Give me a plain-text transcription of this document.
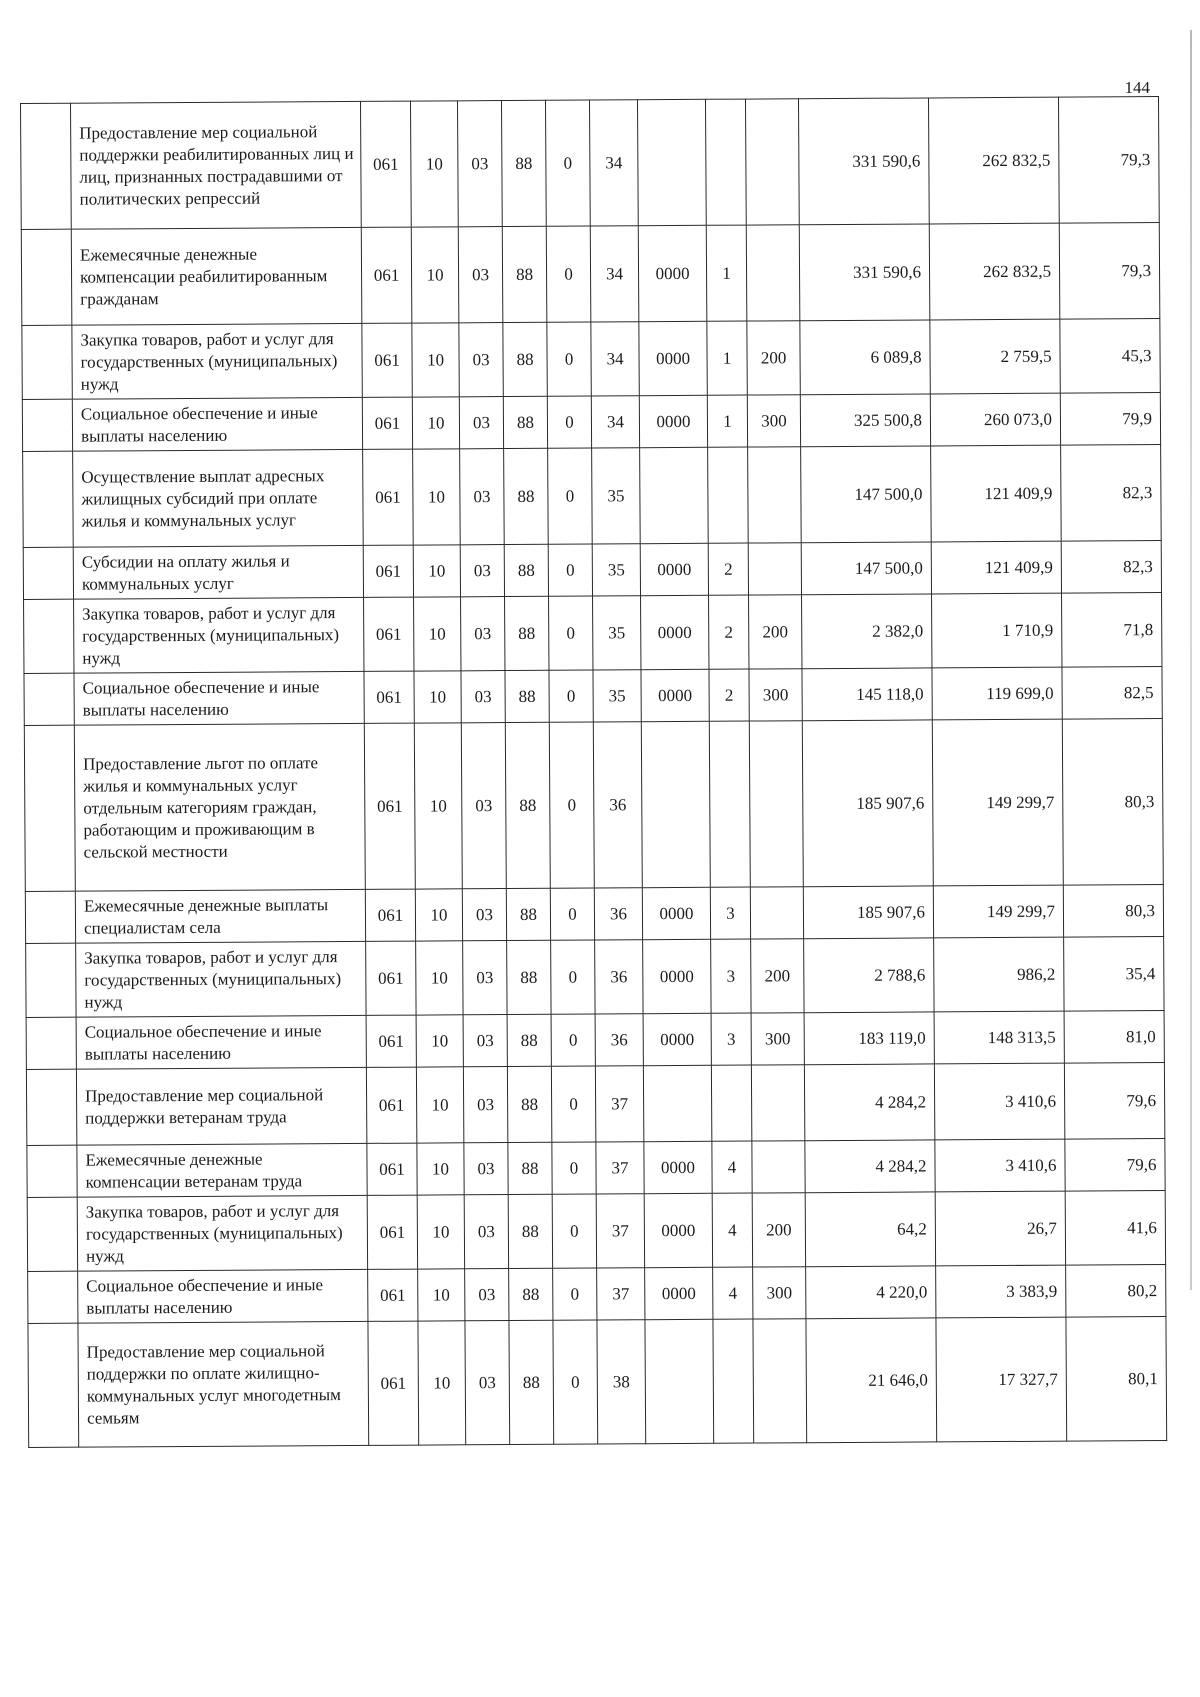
144
	Предоставление мер социальной поддержки реабилитированных лиц и лиц, признанных пострадавшими от политических репрессий	061	10	03	88	0	34				331 590,6	262 832,5	79,3
	Ежемесячные денежные компенсации реабилитированным гражданам	061	10	03	88	0	34	0000	1		331 590,6	262 832,5	79,3
	Закупка товаров, работ и услуг для государственных (муниципальных) нужд	061	10	03	88	0	34	0000	1	200	6 089,8	2 759,5	45,3
	Социальное обеспечение и иные выплаты населению	061	10	03	88	0	34	0000	1	300	325 500,8	260 073,0	79,9
	Осуществление выплат адресных жилищных субсидий при оплате жилья и коммунальных услуг	061	10	03	88	0	35				147 500,0	121 409,9	82,3
	Субсидии на оплату жилья и коммунальных услуг	061	10	03	88	0	35	0000	2		147 500,0	121 409,9	82,3
	Закупка товаров, работ и услуг для государственных (муниципальных) нужд	061	10	03	88	0	35	0000	2	200	2 382,0	1 710,9	71,8
	Социальное обеспечение и иные выплаты населению	061	10	03	88	0	35	0000	2	300	145 118,0	119 699,0	82,5
	Предоставление льгот по оплате жилья и коммунальных услуг отдельным категориям граждан, работающим и проживающим в сельской местности	061	10	03	88	0	36				185 907,6	149 299,7	80,3
	Ежемесячные денежные выплаты специалистам села	061	10	03	88	0	36	0000	3		185 907,6	149 299,7	80,3
	Закупка товаров, работ и услуг для государственных (муниципальных) нужд	061	10	03	88	0	36	0000	3	200	2 788,6	986,2	35,4
	Социальное обеспечение и иные выплаты населению	061	10	03	88	0	36	0000	3	300	183 119,0	148 313,5	81,0
	Предоставление мер социальной поддержки ветеранам труда	061	10	03	88	0	37				4 284,2	3 410,6	79,6
	Ежемесячные денежные компенсации ветеранам труда	061	10	03	88	0	37	0000	4		4 284,2	3 410,6	79,6
	Закупка товаров, работ и услуг для государственных (муниципальных) нужд	061	10	03	88	0	37	0000	4	200	64,2	26,7	41,6
	Социальное обеспечение и иные выплаты населению	061	10	03	88	0	37	0000	4	300	4 220,0	3 383,9	80,2
	Предоставление мер социальной поддержки по оплате жилищно-коммунальных услуг многодетным семьям	061	10	03	88	0	38				21 646,0	17 327,7	80,1
